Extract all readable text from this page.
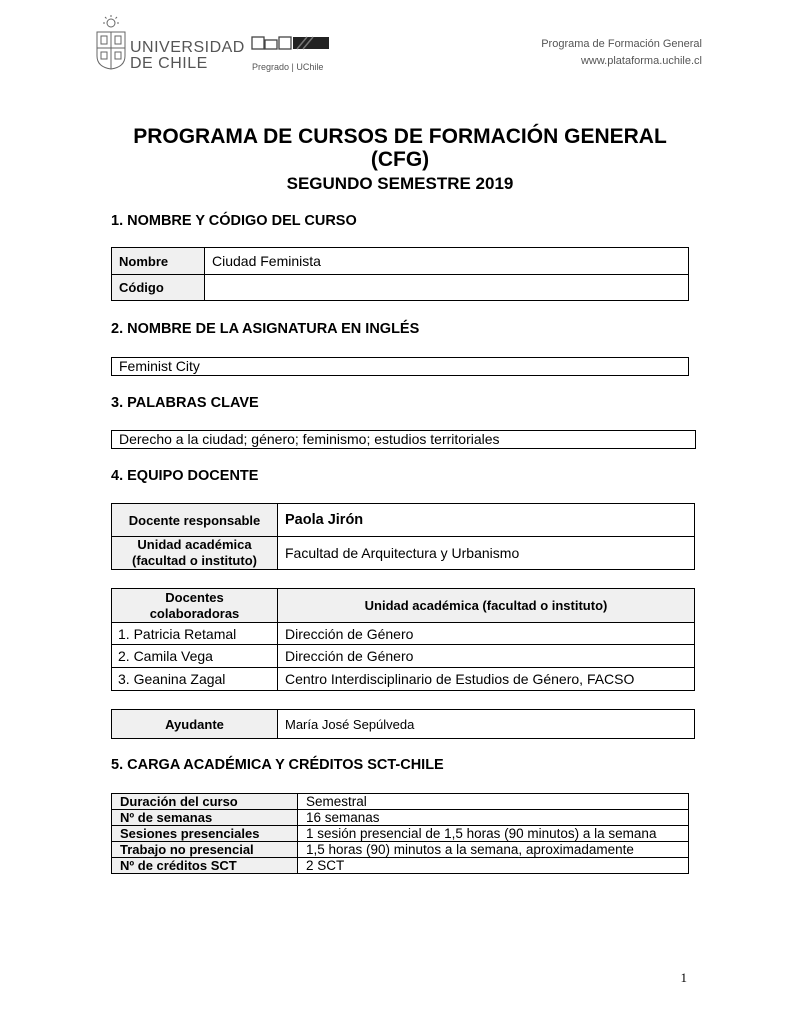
UNIVERSIDAD
DE CHILE	Pregrado | UChile
Programa de Formación General
www.plataforma.uchile.cl
PROGRAMA DE CURSOS DE FORMACIÓN GENERAL
(CFG)
SEGUNDO SEMESTRE 2019
1. NOMBRE Y CÓDIGO DEL CURSO
Nombre	Ciudad Feminista
Código	
2. NOMBRE DE LA ASIGNATURA EN INGLÉS
Feminist City
3. PALABRAS CLAVE
Derecho a la ciudad; género; feminismo; estudios territoriales
4. EQUIPO DOCENTE
Docente responsable	Paola Jirón

Unidad académica
(facultad o instituto)	Facultad de Arquitectura y Urbanismo
Docentes
colaboradoras	Unidad académica (facultad o instituto)
1. Patricia Retamal	Dirección de Género
2. Camila Vega	Dirección de Género
3. Geanina Zagal	Centro Interdisciplinario de Estudios de Género, FACSO
Ayudante	María José Sepúlveda
5. CARGA ACADÉMICA Y CRÉDITOS SCT-CHILE
Duración del curso	Semestral
Nº de semanas	16 semanas
Sesiones presenciales	1 sesión presencial de 1,5 horas (90 minutos) a la semana
Trabajo no presencial	1,5 horas (90) minutos a la semana, aproximadamente
Nº de créditos SCT	2 SCT
1
